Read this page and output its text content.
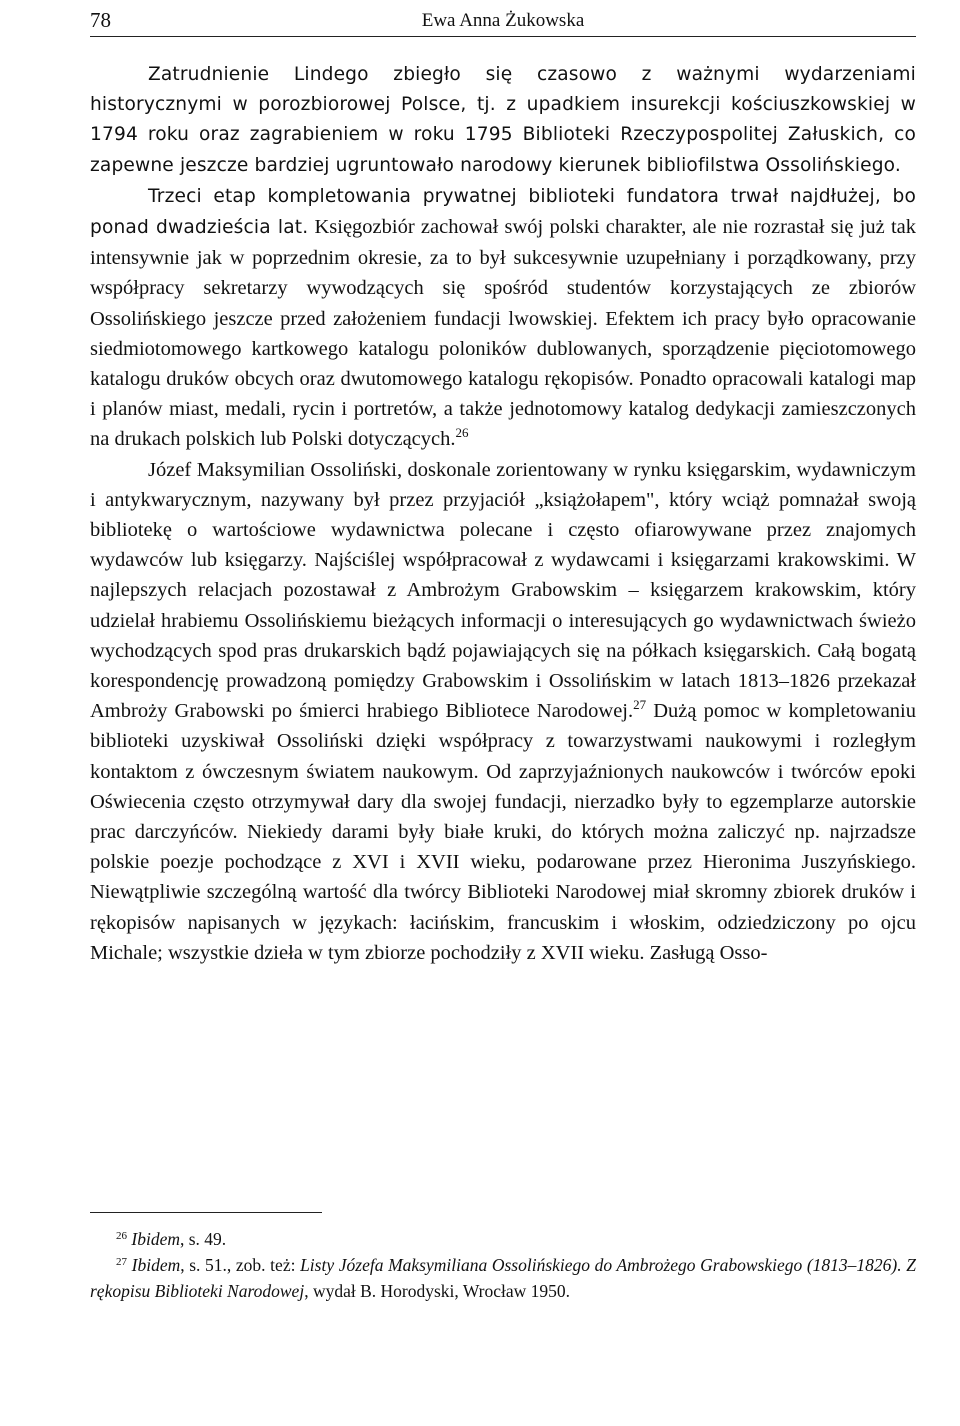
78	Ewa Anna Żukowska

Zatrudnienie Lindego zbiegło się czasowo z ważnymi wydarzeniami historycznymi w porozbiorowej Polsce, tj. z upadkiem insurekcji kościuszkowskiej w 1794 roku oraz zagrabieniem w roku 1795 Biblioteki Rzeczypospolitej Załuskich, co zapewne jeszcze bardziej ugruntowało narodowy kierunek bibliofilstwa Ossolińskiego.

Trzeci etap kompletowania prywatnej biblioteki fundatora trwał najdłużej, bo ponad dwadzieścia lat. Księgozbiór zachował swój polski charakter, ale nie rozrastał się już tak intensywnie jak w poprzednim okresie, za to był sukcesywnie uzupełniany i porządkowany, przy współpracy sekretarzy wywodzących się spośród studentów korzystających ze zbiorów Ossolińskiego jeszcze przed założeniem fundacji lwowskiej. Efektem ich pracy było opracowanie siedmiotomowego kartkowego katalogu poloników dublowanych, sporządzenie pięciotomowego katalogu druków obcych oraz dwutomowego katalogu rękopisów. Ponadto opracowali katalogi map i planów miast, medali, rycin i portretów, a także jednotomowy katalog dedykacji zamieszczonych na drukach polskich lub Polski dotyczących.$^{26}$

Józef Maksymilian Ossoliński, doskonale zorientowany w rynku księgarskim, wydawniczym i antykwarycznym, nazywany był przez przyjaciół „książołapem", który wciąż pomnażał swoją bibliotekę o wartościowe wydawnictwa polecane i często ofiarowywane przez znajomych wydawców lub księgarzy. Najściślej współpracował z wydawcami i księgarzami krakowskimi. W najlepszych relacjach pozostawał z Ambrożym Grabowskim – księgarzem krakowskim, który udzielał hrabiemu Ossolińskiemu bieżących informacji o interesujących go wydawnictwach świeżo wychodzących spod pras drukarskich bądź pojawiających się na półkach księgarskich. Całą bogatą korespondencję prowadzoną pomiędzy Grabowskim i Ossolińskim w latach 1813–1826 przekazał Ambroży Grabowski po śmierci hrabiego Bibliotece Narodowej.$^{27}$ Dużą pomoc w kompletowaniu biblioteki uzyskiwał Ossoliński dzięki współpracy z towarzystwami naukowymi i rozległym kontaktom z ówczesnym światem naukowym. Od zaprzyjaźnionych naukowców i twórców epoki Oświecenia często otrzymywał dary dla swojej fundacji, nierzadko były to egzemplarze autorskie prac darczyńców. Niekiedy darami były białe kruki, do których można zaliczyć np. najrzadsze polskie poezje pochodzące z XVI i XVII wieku, podarowane przez Hieronima Juszyńskiego. Niewątpliwie szczególną wartość dla twórcy Biblioteki Narodowej miał skromny zbiorek druków i rękopisów napisanych w językach: łacińskim, francuskim i włoskim, odziedziczony po ojcu Michale; wszystkie dzieła w tym zbiorze pochodziły z XVII wieku. Zasługą Osso-

$^{26}$ Ibidem, s. 49.

$^{27}$ Ibidem, s. 51., zob. też: Listy Józefa Maksymiliana Ossolińskiego do Ambrożego Grabowskiego (1813–1826). Z rękopisu Biblioteki Narodowej, wydał B. Horodyski, Wrocław 1950.
